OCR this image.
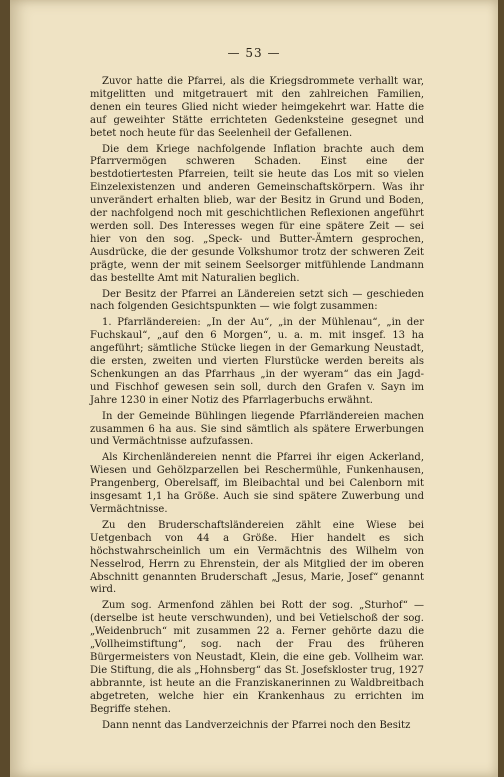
— 53 —

Zuvor hatte die Pfarrei, als die Kriegsdrommete verhallt war, mitgelitten und mitgetrauert mit den zahlreichen Familien, denen ein teures Glied nicht wieder heimgekehrt war. Hatte die auf geweihter Stätte errichteten Gedenksteine gesegnet und betet noch heute für das Seelenheil der Gefallenen.

Die dem Kriege nachfolgende Inflation brachte auch dem Pfarrvermögen schweren Schaden. Einst eine der bestdotiertesten Pfarreien, teilt sie heute das Los mit so vielen Einzelexistenzen und anderen Gemeinschaftskörpern. Was ihr unverändert erhalten blieb, war der Besitz in Grund und Boden, der nachfolgend noch mit geschichtlichen Reflexionen angeführt werden soll. Des Interesses wegen für eine spätere Zeit — sei hier von den sog. „Speck- und Butter-Ämtern gesprochen, Ausdrücke, die der gesunde Volkshumor trotz der schweren Zeit prägte, wenn der mit seinem Seelsorger mitfühlende Landmann das bestellte Amt mit Naturalien beglich.

Der Besitz der Pfarrei an Ländereien setzt sich — geschieden nach folgenden Gesichtspunkten — wie folgt zusammen:

1. Pfarrländereien: „In der Au“, „in der Mühlenau“, „in der Fuchskaul“, „auf den 6 Morgen“, u. a. m. mit insgef. 13 ha angeführt; sämtliche Stücke liegen in der Gemarkung Neustadt, die ersten, zweiten und vierten Flurstücke werden bereits als Schenkungen an das Pfarrhaus „in der wyeram“ das ein Jagd- und Fischhof gewesen sein soll, durch den Grafen v. Sayn im Jahre 1230 in einer Notiz des Pfarrlagerbuchs erwähnt.

In der Gemeinde Bühlingen liegende Pfarrländereien machen zusammen 6 ha aus. Sie sind sämtlich als spätere Erwerbungen und Vermächtnisse aufzufassen.

Als Kirchenländereien nennt die Pfarrei ihr eigen Ackerland, Wiesen und Gehölzparzellen bei Reschermühle, Funkenhausen, Prangenberg, Oberelsaff, im Bleibachtal und bei Calenborn mit insgesamt 1,1 ha Größe. Auch sie sind spätere Zuwerbung und Vermächtnisse.

Zu den Bruderschaftsländereien zählt eine Wiese bei Uetgenbach von 44 a Größe. Hier handelt es sich höchstwahrscheinlich um ein Vermächtnis des Wilhelm von Nesselrod, Herrn zu Ehrenstein, der als Mitglied der im oberen Abschnitt genannten Bruderschaft „Jesus, Marie, Josef“ genannt wird.

Zum sog. Armenfond zählen bei Rott der sog. „Sturhof“ — (derselbe ist heute verschwunden), und bei Vetielschoß der sog. „Weidenbruch“ mit zusammen 22 a. Ferner gehörte dazu die „Vollheimstiftung“, sog. nach der Frau des früheren Bürgermeisters von Neustadt, Klein, die eine geb. Vollheim war. Die Stiftung, die als „Hohnsberg“ das St. Josefskloster trug, 1927 abbrannte, ist heute an die Franziskanerinnen zu Waldbreitbach abgetreten, welche hier ein Krankenhaus zu errichten im Begriffe stehen.

Dann nennt das Landverzeichnis der Pfarrei noch den Besitz
